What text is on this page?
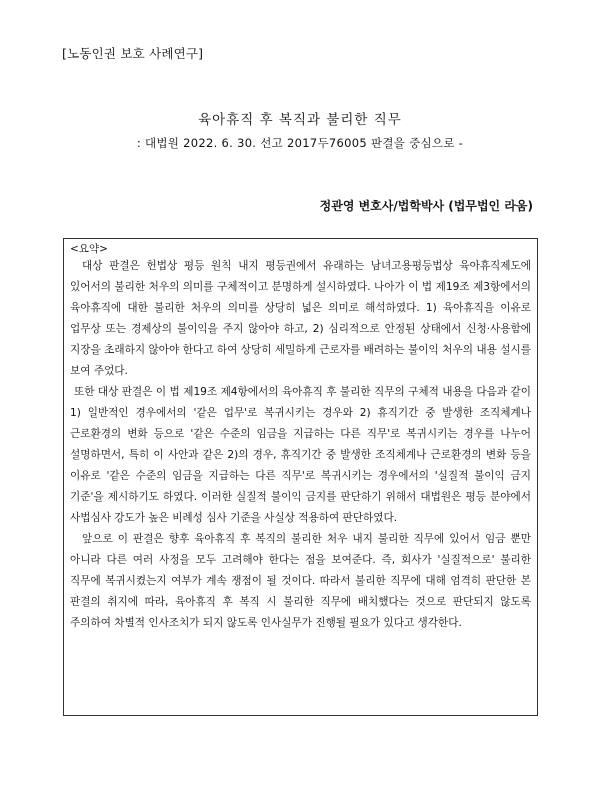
[노동인권 보호 사례연구]
육아휴직 후 복직과 불리한 직무
: 대법원 2022. 6. 30. 선고 2017두76005 판결을 중심으로 -
정관영 변호사/법학박사 (법무법인 라움)

<요약>

대상 판결은 헌법상 평등 원칙 내지 평등권에서 유래하는 남녀고용평등법상 육아휴직제도에 있어서의 불리한 처우의 의미를 구체적이고 분명하게 설시하였다. 나아가 이 법 제19조 제3항에서의 육아휴직에 대한 불리한 처우의 의미를 상당히 넓은 의미로 해석하였다. 1) 육아휴직을 이유로 업무상 또는 경제상의 불이익을 주지 않아야 하고, 2) 심리적으로 안정된 상태에서 신청·사용함에 지장을 초래하지 않아야 한다고 하여 상당히 세밀하게 근로자를 배려하는 불이익 처우의 내용 설시를 보여 주었다.

또한 대상 판결은 이 법 제19조 제4항에서의 육아휴직 후 불리한 직무의 구체적 내용을 다음과 같이 1) 일반적인 경우에서의 '같은 업무'로 복귀시키는 경우와 2) 휴직기간 중 발생한 조직체계나 근로환경의 변화 등으로 '같은 수준의 임금을 지급하는 다른 직무'로 복귀시키는 경우를 나누어 설명하면서, 특히 이 사안과 같은 2)의 경우, 휴직기간 중 발생한 조직체계나 근로환경의 변화 등을 이유로 '같은 수준의 임금을 지급하는 다른 직무'로 복귀시키는 경우에서의 '실질적 불이익 금지 기준'을 제시하기도 하였다. 이러한 실질적 불이익 금지를 판단하기 위해서 대법원은 평등 분야에서 사법심사 강도가 높은 비례성 심사 기준을 사실상 적용하여 판단하였다.

앞으로 이 판결은 향후 육아휴직 후 복직의 불리한 처우 내지 불리한 직무에 있어서 임금 뿐만 아니라 다른 여러 사정을 모두 고려해야 한다는 점을 보여준다. 즉, 회사가 '실질적으로' 불리한 직무에 복귀시켰는지 여부가 계속 쟁점이 될 것이다. 따라서 불리한 직무에 대해 엄격히 판단한 본 판결의 취지에 따라, 육아휴직 후 복직 시 불리한 직무에 배치했다는 것으로 판단되지 않도록 주의하여 차별적 인사조치가 되지 않도록 인사실무가 진행될 필요가 있다고 생각한다.
